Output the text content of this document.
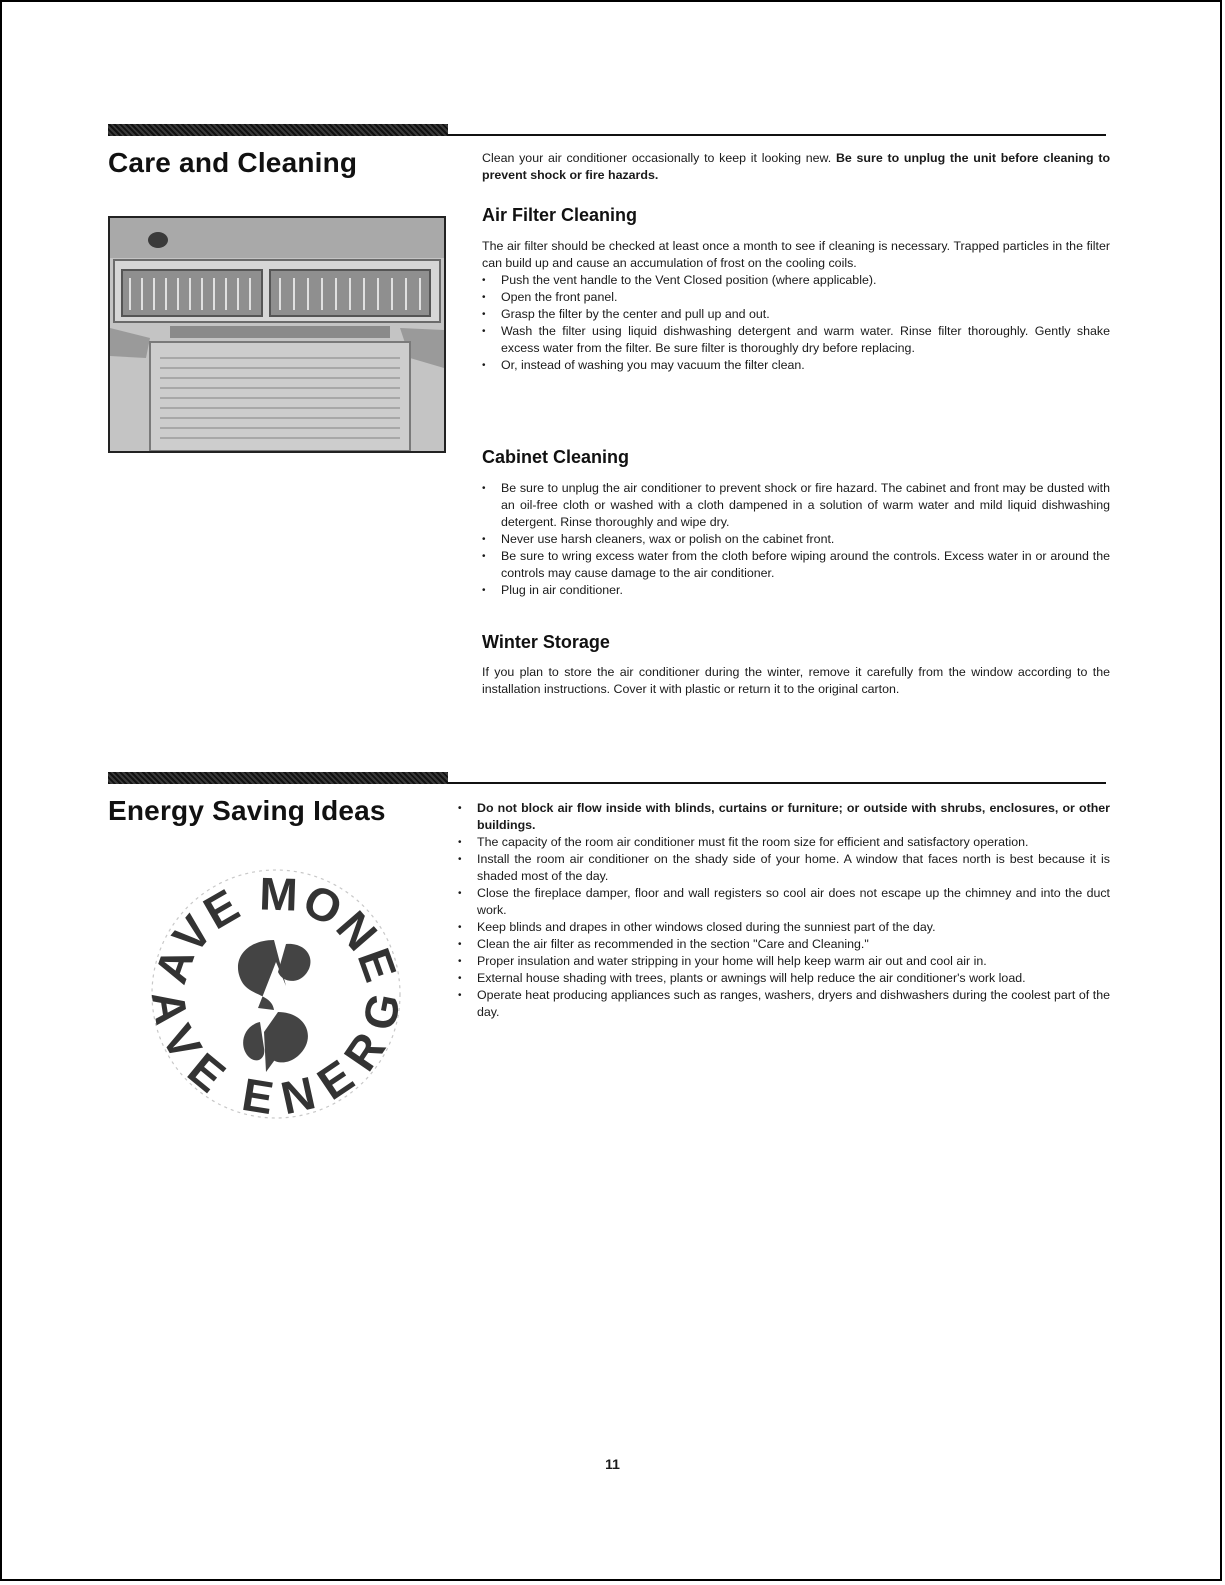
Care and Cleaning	Clean your air conditioner occasionally to keep it looking new. Be sure to unplug the unit before cleaning to prevent shock or fire hazards.

Air Filter Cleaning

The air filter should be checked at least once a month to see if cleaning is necessary. Trapped particles in the filter can build up and cause an accumulation of frost on the cooling coils.

• Push the vent handle to the Vent Closed position (where applicable).
• Open the front panel.
• Grasp the filter by the center and pull up and out.
• Wash the filter using liquid dishwashing detergent and warm water. Rinse filter thoroughly. Gently shake excess water from the filter. Be sure filter is thoroughly dry before replacing.
• Or, instead of washing you may vacuum the filter clean.
Cabinet Cleaning
• Be sure to unplug the air conditioner to prevent shock or fire hazard. The cabinet and front may be dusted with an oil-free cloth or washed with a cloth dampened in a solution of warm water and mild liquid dishwashing detergent. Rinse thoroughly and wipe dry.
• Never use harsh cleaners, wax or polish on the cabinet front.
• Be sure to wring excess water from the cloth before wiping around the controls. Excess water in or around the controls may cause damage to the air conditioner.
• Plug in air conditioner.
Winter Storage

If you plan to store the air conditioner during the winter, remove it carefully from the window according to the installation instructions. Cover it with plastic or return it to the original carton.

Energy Saving Ideas
AVE MONE
AVE ENER
• Do not block air flow inside with blinds, curtains or furniture; or outside with shrubs, enclosures, or other buildings.
• The capacity of the room air conditioner must fit the room size for efficient and satisfactory operation.
• Install the room air conditioner on the shady side of your home. A window that faces north is best because it is shaded most of the day.
• Close the fireplace damper, floor and wall registers so cool air does not escape up the chimney and into the duct work.
• Keep blinds and drapes in other windows closed during the sunniest part of the day.
• Clean the air filter as recommended in the section "Care and Cleaning."
• Proper insulation and water stripping in your home will help keep warm air out and cool air in.
• External house shading with trees, plants or awnings will help reduce the air conditioner's work load.
• Operate heat producing appliances such as ranges, washers, dryers and dishwashers during the coolest part of the day.
11
